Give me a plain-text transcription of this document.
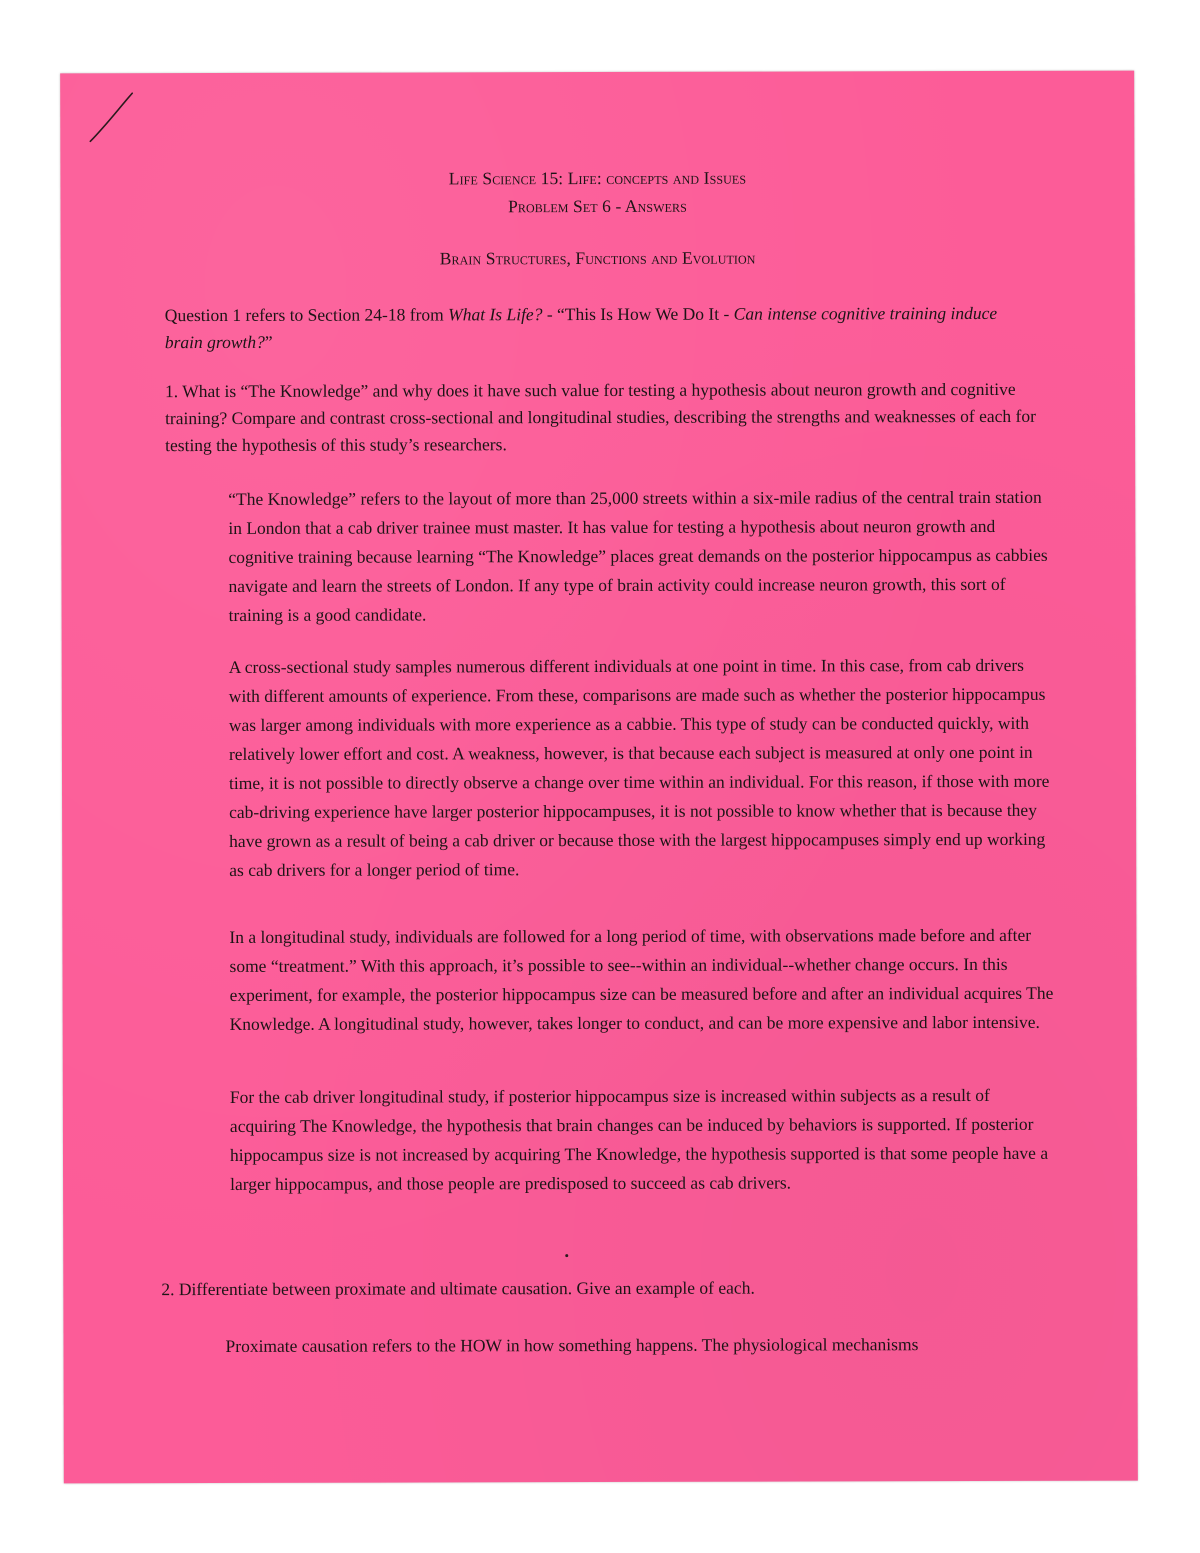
Life Science 15: Life: concepts and Issues
Problem Set 6 - Answers
Brain Structures, Functions and Evolution
Question 1 refers to Section 24-18 from What Is Life? - “This Is How We Do It - Can intense cognitive training induce brain growth?”
1. What is “The Knowledge” and why does it have such value for testing a hypothesis about neuron growth and cognitive training? Compare and contrast cross-sectional and longitudinal studies, describing the strengths and weaknesses of each for testing the hypothesis of this study’s researchers.

“The Knowledge” refers to the layout of more than 25,000 streets within a six-mile radius of the central train station in London that a cab driver trainee must master. It has value for testing a hypothesis about neuron growth and cognitive training because learning “The Knowledge” places great demands on the posterior hippocampus as cabbies navigate and learn the streets of London. If any type of brain activity could increase neuron growth, this sort of training is a good candidate.

A cross-sectional study samples numerous different individuals at one point in time. In this case, from cab drivers with different amounts of experience. From these, comparisons are made such as whether the posterior hippocampus was larger among individuals with more experience as a cabbie. This type of study can be conducted quickly, with relatively lower effort and cost. A weakness, however, is that because each subject is measured at only one point in time, it is not possible to directly observe a change over time within an individual. For this reason, if those with more cab-driving experience have larger posterior hippocampuses, it is not possible to know whether that is because they have grown as a result of being a cab driver or because those with the largest hippocampuses simply end up working as cab drivers for a longer period of time.

In a longitudinal study, individuals are followed for a long period of time, with observations made before and after some “treatment.” With this approach, it’s possible to see--within an individual--whether change occurs. In this experiment, for example, the posterior hippocampus size can be measured before and after an individual acquires The Knowledge. A longitudinal study, however, takes longer to conduct, and can be more expensive and labor intensive.

For the cab driver longitudinal study, if posterior hippocampus size is increased within subjects as a result of acquiring The Knowledge, the hypothesis that brain changes can be induced by behaviors is supported. If posterior hippocampus size is not increased by acquiring The Knowledge, the hypothesis supported is that some people have a larger hippocampus, and those people are predisposed to succeed as cab drivers.

2. Differentiate between proximate and ultimate causation. Give an example of each.
Proximate causation refers to the HOW in how something happens. The physiological mechanisms
